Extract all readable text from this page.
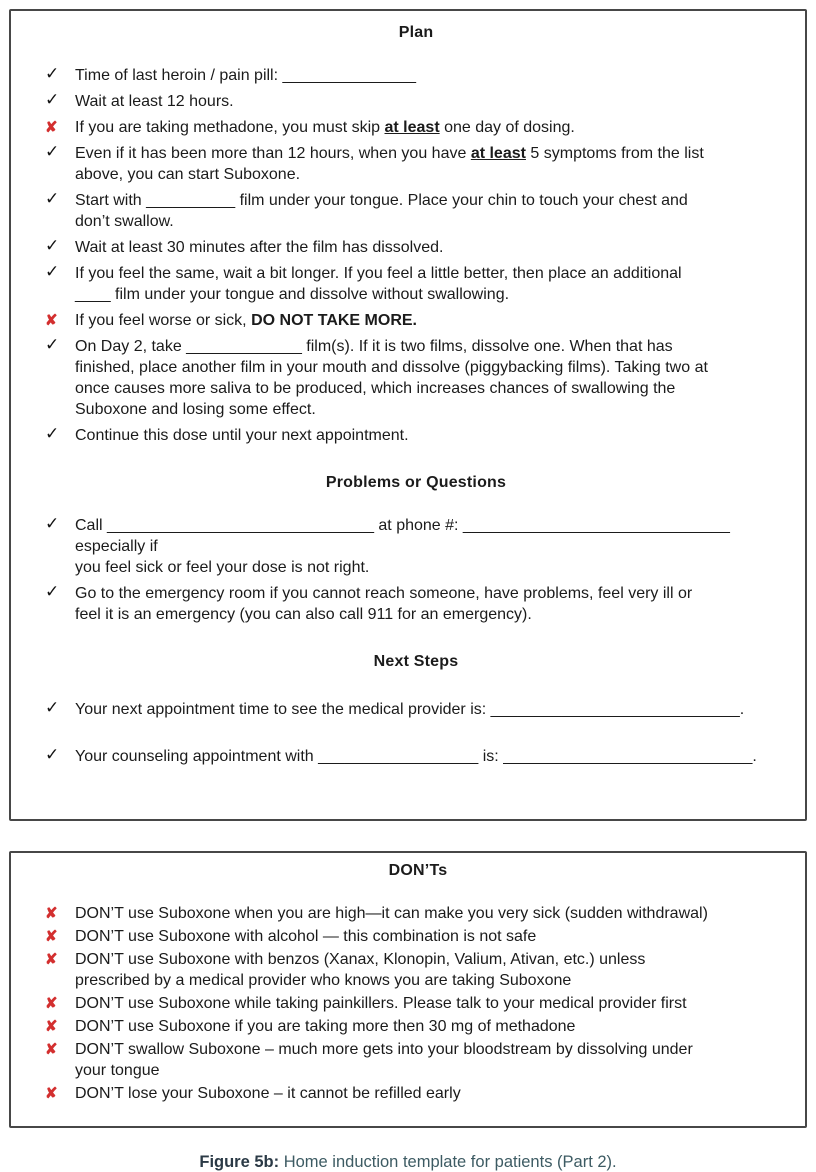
Plan
✓ Time of last heroin / pain pill: _______________
✓ Wait at least 12 hours.
✘	If you are taking methadone, you must skip at least one day of dosing.
✓ Even if it has been more than 12 hours, when you have at least 5 symptoms from the list
above, you can start Suboxone.
✓ Start with __________ film under your tongue. Place your chin to touch your chest and
don’t swallow.
✓ Wait at least 30 minutes after the film has dissolved.
✓ If you feel the same, wait a bit longer. If you feel a little better, then place an additional
____ film under your tongue and dissolve without swallowing.
✘	If you feel worse or sick, DO NOT TAKE MORE.
✓ On Day 2, take _____________ film(s). If it is two films, dissolve one. When that has
finished, place another film in your mouth and dissolve (piggybacking films). Taking two at
once causes more saliva to be produced, which increases chances of swallowing the
Suboxone and losing some effect.
✓ Continue this dose until your next appointment.
Problems or Questions
✓ Call ______________________________ at phone #: ______________________________ especially if
you feel sick or feel your dose is not right.
✓ Go to the emergency room if you cannot reach someone, have problems, feel very ill or
feel it is an emergency (you can also call 911 for an emergency).
Next Steps
✓ Your next appointment time to see the medical provider is: ____________________________.
✓ Your counseling appointment with __________________ is: ____________________________.
DON’Ts
✘	DON’T use Suboxone when you are high—it can make you very sick (sudden withdrawal)
✘	DON’T use Suboxone with alcohol — this combination is not safe
✘	DON’T use Suboxone with benzos (Xanax, Klonopin, Valium, Ativan, etc.) unless
prescribed by a medical provider who knows you are taking Suboxone
✘	DON’T use Suboxone while taking painkillers. Please talk to your medical provider first
✘	DON’T use Suboxone if you are taking more then 30 mg of methadone
✘	DON’T swallow Suboxone – much more gets into your bloodstream by dissolving under
your tongue
✘	DON’T lose your Suboxone – it cannot be refilled early
Figure 5b: Home induction template for patients (Part 2).
